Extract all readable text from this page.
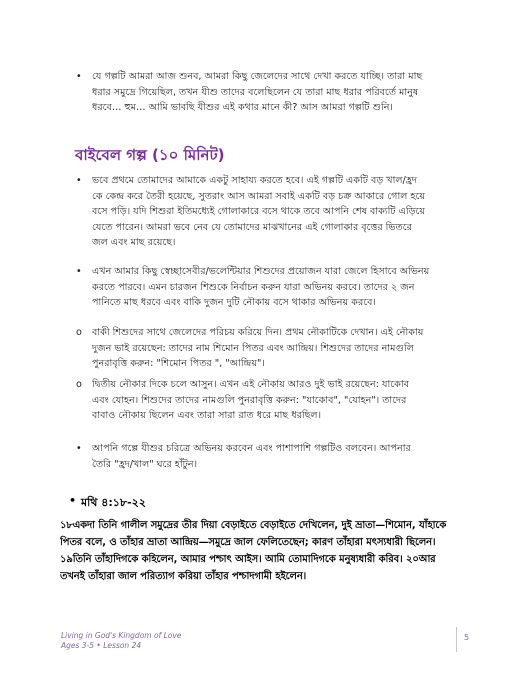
• যে গল্পটি আমরা আজ শুনব, আমরা কিছু জেলেদের সাথে দেখা করতে যাচ্ছি। তারা মাছ
ধরার সমুদ্রে গিয়েছিল, তখন যীশু তাদের বলেছিলেন যে তারা মাছ ধরার পরিবর্তে মানুষ
ধরবে… হুম… আমি ভাবছি যীশুর এই কথার মানে কী? আস আমরা গল্পটি শুনি।
বাইবেল গল্প (১০ মিনিট)
• ভবে প্রথমে তোমাদের আমাকে একটু সাহায্য করতে হবে। এই গল্পটি একটি বড় খাল/হ্রদ
কে কেন্দ্র করে তৈরী হয়েছে, সুতরাং আস আমরা সবাই একটি বড় চক্র আকারে গোল হয়ে
বসে পড়ি। যদি শিশুরা ইতিমধ্যেই গোলাকারে বসে থাকে তবে আপনি শেষ বাক্যটি এড়িয়ে
যেতে পারেন। আমরা ভবে নেব যে তোমাদের মাঝখানের এই গোলাকার বৃত্তের ভিতরে
জল এবং মাছ রয়েছে।
• এখন আমার কিছু স্বেচ্ছাসেবীর/ভলেন্টিয়ার শিশুদের প্রয়োজন যারা জেলে হিসাবে অভিনয়
করতে পারবে। এমন চারজন শিশুকে নির্বাচন করুন যারা অভিনয় করবে। তাদের ২ জন
পানিতে মাছ ধরবে এবং বাকি দুজন দুটি নৌকায় বসে থাকার অভিনয় করবে।
o বাকী শিশুদের সাথে জেলেদের পরিচয় করিয়ে দিন। প্রথম নৌকাটিকে দেখান। এই নৌকায়
দুজন ভাই রয়েছেন: তাদের নাম শিমোন পিতর এবং আন্দ্রিয়। শিশুদের তাদের নামগুলি
পুনরাবৃত্তি করুন: "শিমোন পিতর ", "আন্দ্রিয়"।
o দ্বিতীয় নৌকার দিকে চলে আসুন। এখন এই নৌকায় আরও দুই ভাই রয়েছেন: যাকোব
এবং যোহন। শিশুদের তাদের নামগুলি পুনরাবৃত্তি করুন: "যাকোব", "যোহন"। তাদের
বাবাও নৌকায় ছিলেন এবং তারা সারা রাত ধরে মাছ ধরছিল।
• আপনি গল্পে যীশুর চরিত্রে অভিনয় করবেন এবং পাশাপাশি গল্পটিও বলবেন। আপনার
তৈরি "হ্রদ/খাল" ঘরে হাঁটুন।
• মথি ৪:১৮-২২
১৮একদা তিনি গালীল সমুদ্রের তীর দিয়া বেড়াইতে বেড়াইতে দেখিলেন, দুই ভ্রাতা—শিমোন, যাঁহাকে
পিতর বলে, ও তাঁহার ভ্রাতা আন্দ্রিয়—সমুদ্রে জাল ফেলিতেছেন; কারণ তাঁহারা মৎস্যধারী ছিলেন।
১৯তিনি তাঁহাদিগকে কহিলেন, আমার পশ্চাৎ আইস। আমি তোমাদিগকে মনুষ্যধারী করিব। ২০আর
তখনই তাঁহারা জাল পরিত্যাগ করিয়া তাঁহার পশ্চাদগামী হইলেন।
Living in God's Kingdom of Love
Ages 3-5 • Lesson 24
5
